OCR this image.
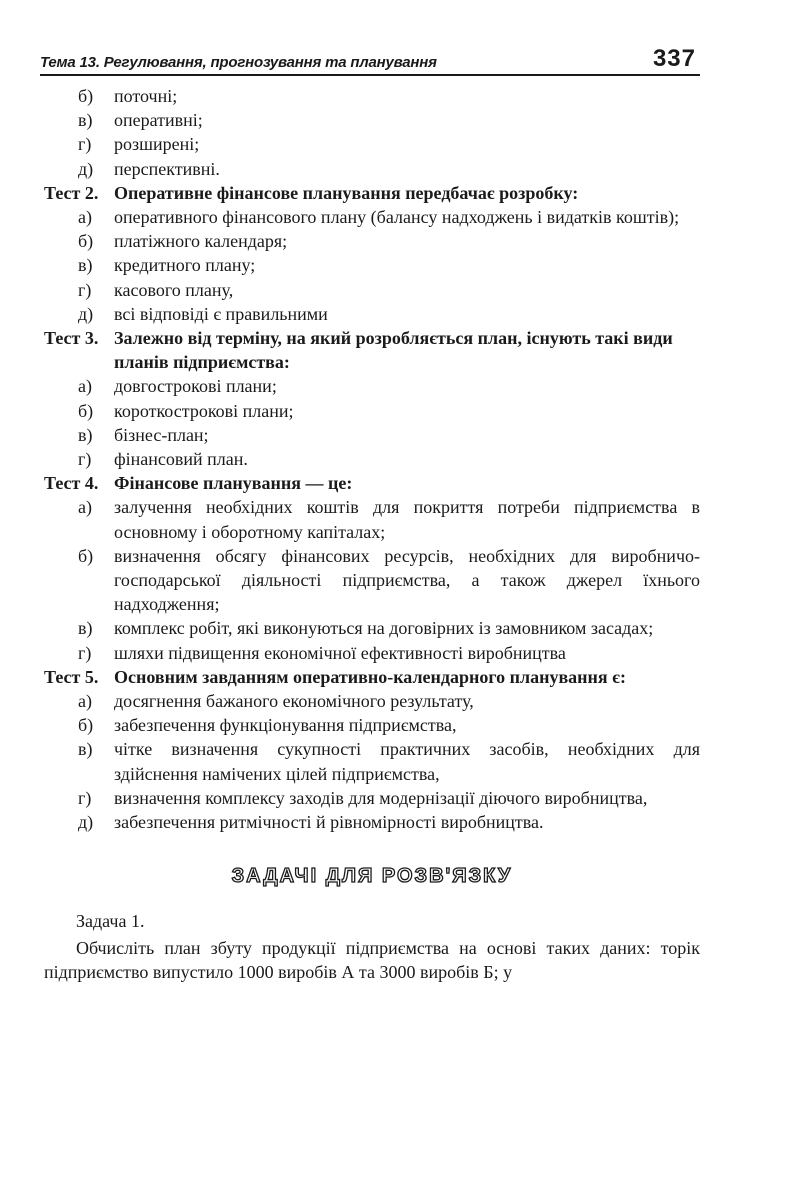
Тема 13. Регулювання, прогнозування та планування	337
б) поточні;
в) оперативні;
г) розширені;
д) перспективні.
Тест 2. Оперативне фінансове планування передбачає розробку:
а) оперативного фінансового плану (балансу надходжень і видатків коштів);
б) платіжного календаря;
в) кредитного плану;
г) касового плану,
д) всі відповіді є правильними
Тест 3. Залежно від терміну, на який розробляється план, існують такі види планів підприємства:
а) довгострокові плани;
б) короткострокові плани;
в) бізнес-план;
г) фінансовий план.
Тест 4. Фінансове планування — це:
а) залучення необхідних коштів для покриття потреби підприємства в основному і оборотному капіталах;
б) визначення обсягу фінансових ресурсів, необхідних для виробничо-господарської діяльності підприємства, а також джерел їхнього надходження;
в) комплекс робіт, які виконуються на договірних із замовником засадах;
г) шляхи підвищення економічної ефективності виробництва
Тест 5. Основним завданням оперативно-календарного планування є:
а) досягнення бажаного економічного результату,
б) забезпечення функціонування підприємства,
в) чітке визначення сукупності практичних засобів, необхідних для здійснення намічених цілей підприємства,
г) визначення комплексу заходів для модернізації діючого виробництва,
д) забезпечення ритмічності й рівномірності виробництва.
ЗАДАЧІ ДЛЯ РОЗВ'ЯЗКУ
Задача 1.
Обчисліть план збуту продукції підприємства на основі таких даних: торік підприємство випустило 1000 виробів А та 3000 виробів Б; у
